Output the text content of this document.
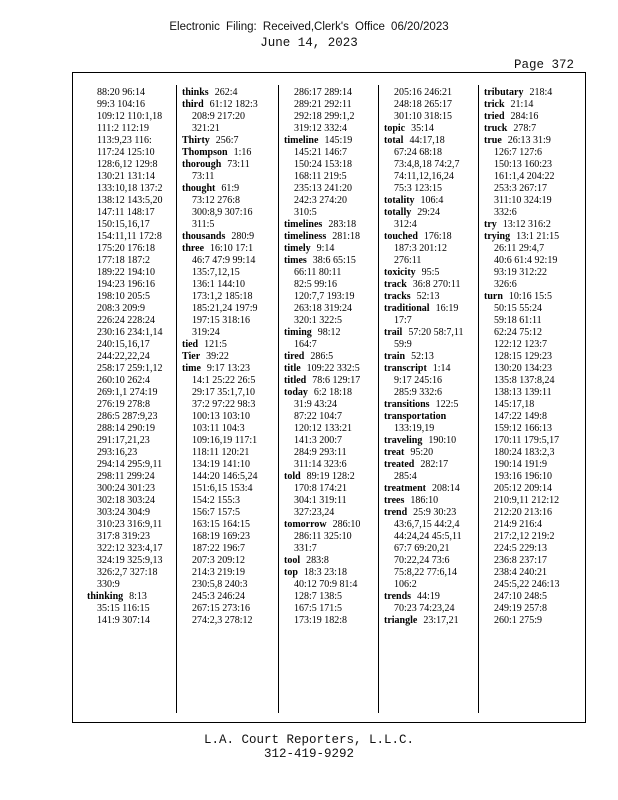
Electronic Filing: Received,Clerk's Office 06/20/2023
June 14, 2023
Page 372
88:20 96:14
99:3 104:16
109:12 110:1,18
111:2 112:19
113:9,23 116:
117:24 125:10
128:6,12 129:8
130:21 131:14
133:10,18 137:2
138:12 143:5,20
147:11 148:17
150:15,16,17
154:11,11 172:8
175:20 176:18
177:18 187:2
189:22 194:10
194:23 196:16
198:10 205:5
208:3 209:9
226:24 228:24
230:16 234:1,14
240:15,16,17
244:22,22,24
258:17 259:1,12
260:10 262:4
269:1,1 274:19
276:19 278:8
286:5 287:9,23
288:14 290:19
291:17,21,23
293:16,23
294:14 295:9,11
298:11 299:24
300:24 301:23
302:18 303:24
303:24 304:9
310:23 316:9,11
317:8 319:23
322:12 323:4,17
324:19 325:9,13
326:2,7 327:18
330:9
thinking 8:13
35:15 116:15
141:9 307:14
thinks 262:4
third 61:12 182:3
208:9 217:20
321:21
Thirty 256:7
Thompson 1:16
thorough 73:11
73:11
thought 61:9
73:12 276:8
300:8,9 307:16
311:5
thousands 280:9
three 16:10 17:1
46:7 47:9 99:14
135:7,12,15
136:1 144:10
173:1,2 185:18
185:21,24 197:9
197:15 318:16
319:24
tied 121:5
Tier 39:22
time 9:17 13:23
14:1 25:22 26:5
29:17 35:1,7,10
37:2 97:22 98:3
100:13 103:10
103:11 104:3
109:16,19 117:1
118:11 120:21
134:19 141:10
144:20 146:5,24
151:6,15 153:4
154:2 155:3
156:7 157:5
163:15 164:15
168:19 169:23
187:22 196:7
207:3 209:12
214:3 219:19
230:5,8 240:3
245:3 246:24
267:15 273:16
274:2,3 278:12
286:17 289:14
289:21 292:11
292:18 299:1,2
319:12 332:4
timeline 145:19
145:21 146:7
150:24 153:18
168:11 219:5
235:13 241:20
242:3 274:20
310:5
timelines 283:18
timeliness 281:18
timely 9:14
times 38:6 65:15
66:11 80:11
82:5 99:16
120:7,7 193:19
263:18 319:24
320:1 322:5
timing 98:12
164:7
tired 286:5
title 109:22 332:5
titled 78:6 129:17
today 6:2 18:18
31:9 43:24
87:22 104:7
120:12 133:21
141:3 200:7
284:9 293:11
311:14 323:6
told 89:19 128:2
170:8 174:21
304:1 319:11
327:23,24
tomorrow 286:10
286:11 325:10
331:7
tool 283:8
top 18:3 23:18
40:12 70:9 81:4
128:7 138:5
167:5 171:5
173:19 182:8
205:16 246:21
248:18 265:17
301:10 318:15
topic 35:14
total 44:17,18
67:24 68:18
73:4,8,18 74:2,7
74:11,12,16,24
75:3 123:15
totality 106:4
totally 29:24
312:4
touched 176:18
187:3 201:12
276:11
toxicity 95:5
track 36:8 270:11
tracks 52:13
traditional 16:19
17:7
trail 57:20 58:7,11
59:9
train 52:13
transcript 1:14
9:17 245:16
285:9 332:6
transitions 122:5
transportation
133:19,19
traveling 190:10
treat 95:20
treated 282:17
285:4
treatment 208:14
trees 186:10
trend 25:9 30:23
43:6,7,15 44:2,4
44:24,24 45:5,11
67:7 69:20,21
70:22,24 73:6
75:8,22 77:6,14
106:2
trends 44:19
70:23 74:23,24
triangle 23:17,21
tributary 218:4
trick 21:14
tried 284:16
truck 278:7
true 26:13 31:9
126:7 127:6
150:13 160:23
161:1,4 204:22
253:3 267:17
311:10 324:19
332:6
try 13:12 316:2
trying 13:1 21:15
26:11 29:4,7
40:6 61:4 92:19
93:19 312:22
326:6
turn 10:16 15:5
50:15 55:24
59:18 61:11
62:24 75:12
122:12 123:7
128:15 129:23
130:20 134:23
135:8 137:8,24
138:13 139:11
145:17,18
147:22 149:8
159:12 166:13
170:11 179:5,17
180:24 183:2,3
190:14 191:9
193:16 196:10
205:12 209:14
210:9,11 212:12
212:20 213:16
214:9 216:4
217:2,12 219:2
224:5 229:13
236:8 237:17
238:4 240:21
245:5,22 246:13
247:10 248:5
249:19 257:8
260:1 275:9
L.A. Court Reporters, L.L.C.
312-419-9292
